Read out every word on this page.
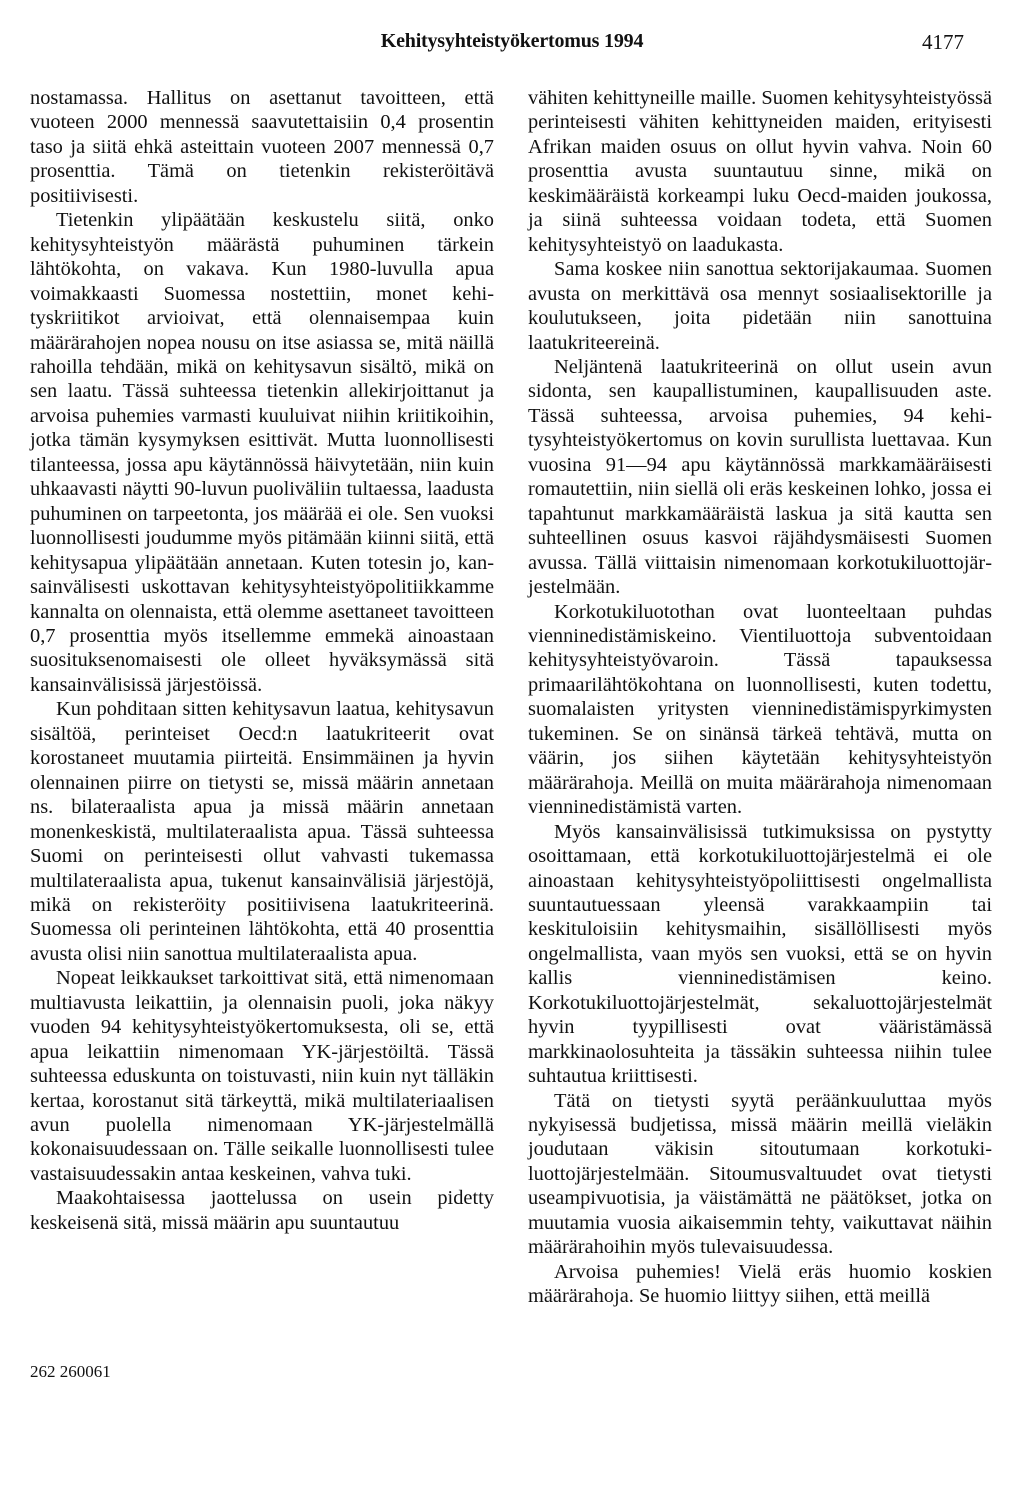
Kehitysyhteistyökertomus 1994	4177

nostamassa. Hallitus on asettanut tavoitteen, että vuoteen 2000 mennessä saavutettaisiin 0,4 prosentin taso ja siitä ehkä asteittain vuoteen 2007 mennessä 0,7 prosenttia. Tämä on tietenkin rekisteröitävä positiivisesti.

Tietenkin ylipäätään keskustelu siitä, onko kehitysyhteistyön määrästä puhuminen tärkein lähtökohta, on vakava. Kun 1980-luvulla apua voimakkaasti Suomessa nostettiin, monet kehityskriitikot arvioivat, että olennaisempaa kuin määrärahojen nopea nousu on itse asiassa se, mitä näillä rahoilla tehdään, mikä on kehitysavun sisältö, mikä on sen laatu. Tässä suhteessa tietenkin allekirjoittanut ja arvoisa puhemies varmasti kuuluivat niihin kriitikoihin, jotka tämän kysymyksen esittivät. Mutta luonnollisesti tilanteessa, jossa apu käytännössä häivytetään, niin kuin uhkaavasti näytti 90-luvun puoliväliin tultaessa, laadusta puhuminen on tarpeetonta, jos määrää ei ole. Sen vuoksi luonnollisesti joudumme myös pitämään kiinni siitä, että kehitysapua ylipäätään annetaan. Kuten totesin jo, kansainvälisesti uskottavan kehitysyhteistyöpolitiikkamme kannalta on olennaista, että olemme asettaneet tavoitteen 0,7 prosenttia myös itsellemme emmekä ainoastaan suosituksenomaisesti ole olleet hyväksymässä sitä kansainvälisissä järjestöissä.

Kun pohditaan sitten kehitysavun laatua, kehitysavun sisältöä, perinteiset Oecd:n laatukriteerit ovat korostaneet muutamia piirteitä. Ensimmäinen ja hyvin olennainen piirre on tietysti se, missä määrin annetaan ns. bilateraalista apua ja missä määrin annetaan monenkeskistä, multilateraalista apua. Tässä suhteessa Suomi on perinteisesti ollut vahvasti tukemassa multilateraalista apua, tukenut kansainvälisiä järjestöjä, mikä on rekisteröity positiivisena laatukriteerinä. Suomessa oli perinteinen lähtökohta, että 40 prosenttia avusta olisi niin sanottua multilateraalista apua.

Nopeat leikkaukset tarkoittivat sitä, että nimenomaan multiavusta leikattiin, ja olennaisin puoli, joka näkyy vuoden 94 kehitysyhteistyökertomuksesta, oli se, että apua leikattiin nimenomaan YK-järjestöiltä. Tässä suhteessa eduskunta on toistuvasti, niin kuin nyt tälläkin kertaa, korostanut sitä tärkeyttä, mikä multilateriaalisen avun puolella nimenomaan YK-järjestelmällä kokonaisuudessaan on. Tälle seikalle luonnollisesti tulee vastaisuudessakin antaa keskeinen, vahva tuki.

Maakohtaisessa jaottelussa on usein pidetty keskeisenä sitä, missä määrin apu suuntautuu

vähiten kehittyneille maille. Suomen kehitysyhteistyössä perinteisesti vähiten kehittyneiden maiden, erityisesti Afrikan maiden osuus on ollut hyvin vahva. Noin 60 prosenttia avusta suuntautuu sinne, mikä on keskimääräistä korkeampi luku Oecd-maiden joukossa, ja siinä suhteessa voidaan todeta, että Suomen kehitysyhteistyö on laadukasta.

Sama koskee niin sanottua sektorijakaumaa. Suomen avusta on merkittävä osa mennyt sosiaalisektorille ja koulutukseen, joita pidetään niin sanottuina laatukriteereinä.

Neljäntenä laatukriteerinä on ollut usein avun sidonta, sen kaupallistuminen, kaupallisuuden aste. Tässä suhteessa, arvoisa puhemies, 94 kehitysyhteistyökertomus on kovin surullista luettavaa. Kun vuosina 91—94 apu käytännössä markkamääräisesti romautettiin, niin siellä oli eräs keskeinen lohko, jossa ei tapahtunut markkamääräistä laskua ja sitä kautta sen suhteellinen osuus kasvoi räjähdysmäisesti Suomen avussa. Tällä viittaisin nimenomaan korkotukiluottojärjestelmään.

Korkotukiluotothan ovat luonteeltaan puhdas vienninedistämiskeino. Vientiluottoja subventoidaan kehitysyhteistyövaroin. Tässä tapauksessa primaarilähtökohtana on luonnollisesti, kuten todettu, suomalaisten yritysten vienninedistämispyrkimysten tukeminen. Se on sinänsä tärkeä tehtävä, mutta on väärin, jos siihen käytetään kehitysyhteistyön määrärahoja. Meillä on muita määrärahoja nimenomaan vienninedistämistä varten.

Myös kansainvälisissä tutkimuksissa on pystytty osoittamaan, että korkotukiluottojärjestelmä ei ole ainoastaan kehitysyhteistyöpoliittisesti ongelmallista suuntautuessaan yleensä varakkaampiin tai keskituloisiin kehitysmaihin, sisällöllisesti myös ongelmallista, vaan myös sen vuoksi, että se on hyvin kallis vienninedistämisen keino. Korkotukiluottojärjestelmät, sekaluottojärjestelmät hyvin tyypillisesti ovat vääristämässä markkinaolosuhteita ja tässäkin suhteessa niihin tulee suhtautua kriittisesti.

Tätä on tietysti syytä peräänkuuluttaa myös nykyisessä budjetissa, missä määrin meillä vieläkin joudutaan väkisin sitoutumaan korkotukiluottojärjestelmään. Sitoumusvaltuudet ovat tietysti useampivuotisia, ja väistämättä ne päätökset, jotka on muutamia vuosia aikaisemmin tehty, vaikuttavat näihin määrärahoihin myös tulevaisuudessa.

Arvoisa puhemies! Vielä eräs huomio koskien määrärahoja. Se huomio liittyy siihen, että meillä

262 260061
